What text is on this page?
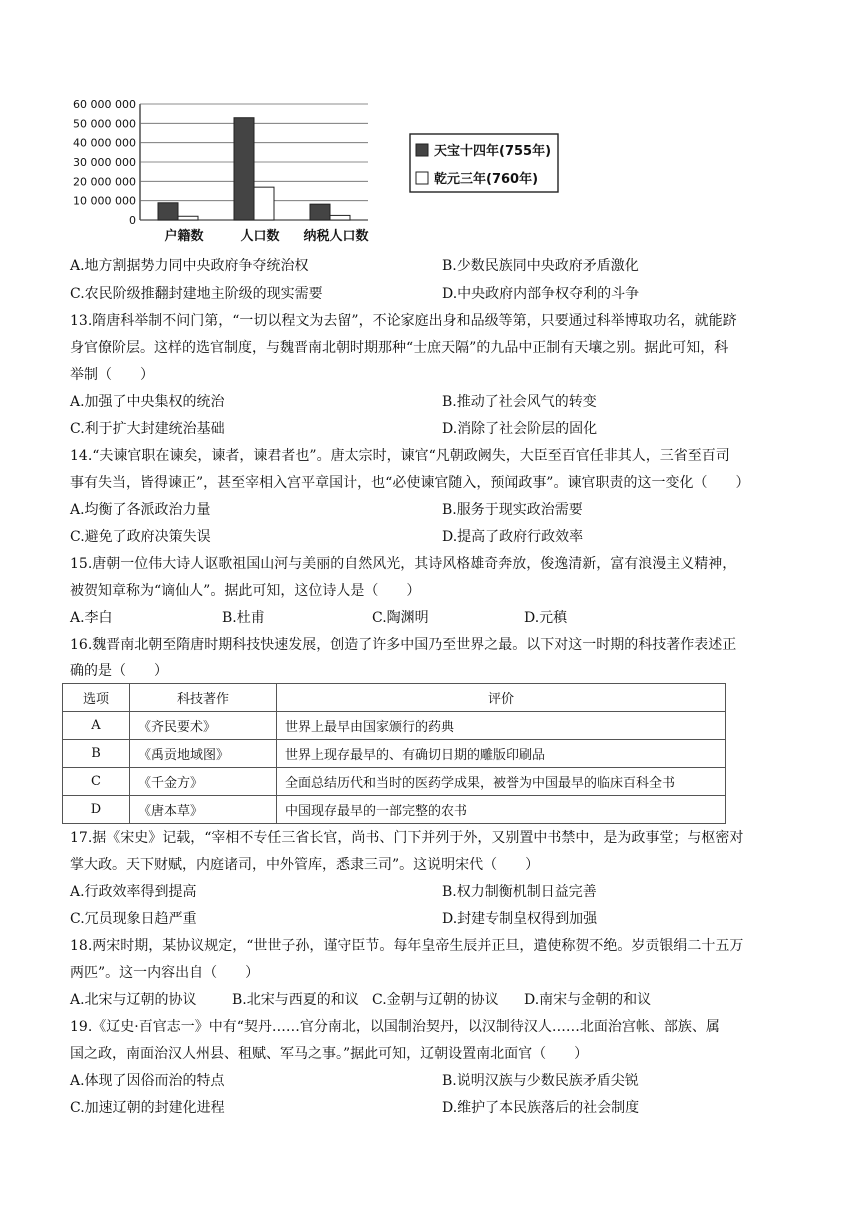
60 000 000
50 000 000
40 000 000
30 000 000
20 000 000
10 000 000
0
户籍数	人口数 纳税人口数
天宝十四年(755年)
乾元三年(760年)
A.地方割据势力同中央政府争夺统治权	B.少数民族同中央政府矛盾激化
C.农民阶级推翻封建地主阶级的现实需要	D.中央政府内部争权夺利的斗争
13.隋唐科举制不问门第，“一切以程文为去留”，不论家庭出身和品级等第，只要通过科举博取功名，就能跻
身官僚阶层。这样的选官制度，与魏晋南北朝时期那种“士庶天隔”的九品中正制有天壤之别。据此可知，科
举制（　　）
A.加强了中央集权的统治	B.推动了社会风气的转变
C.利于扩大封建统治基础	D.消除了社会阶层的固化
14.“夫谏官职在谏矣，谏者，谏君者也”。唐太宗时，谏官“凡朝政阙失，大臣至百官任非其人，三省至百司
事有失当，皆得谏正”，甚至宰相入宫平章国计，也“必使谏官随入，预闻政事”。谏官职责的这一变化（　　）
A.均衡了各派政治力量	B.服务于现实政治需要
C.避免了政府决策失误	D.提高了政府行政效率
15.唐朝一位伟大诗人讴歌祖国山河与美丽的自然风光，其诗风格雄奇奔放，俊逸清新，富有浪漫主义精神，
被贺知章称为“谪仙人”。据此可知，这位诗人是（　　）
A.李白	B.杜甫	C.陶渊明	D.元稹
16.魏晋南北朝至隋唐时期科技快速发展，创造了许多中国乃至世界之最。以下对这一时期的科技著作表述正
确的是（　　）
选项	科技著作	评价
A	《齐民要术》	世界上最早由国家颁行的药典
B	《禹贡地域图》	世界上现存最早的、有确切日期的雕版印刷品
C	《千金方》	全面总结历代和当时的医药学成果，被誉为中国最早的临床百科全书
D	《唐本草》	中国现存最早的一部完整的农书
17.据《宋史》记载，“宰相不专任三省长官，尚书、门下并列于外，又别置中书禁中，是为政事堂；与枢密对
掌大政。天下财赋，内庭诸司，中外管库，悉隶三司”。这说明宋代（　　）
A.行政效率得到提高	B.权力制衡机制日益完善
C.冗员现象日趋严重	D.封建专制皇权得到加强
18.两宋时期，某协议规定，“世世子孙，谨守臣节。每年皇帝生辰并正旦，遣使称贺不绝。岁贡银绢二十五万
两匹”。这一内容出自（　　）
A.北宋与辽朝的协议	B.北宋与西夏的和议 C.金朝与辽朝的协议 D.南宋与金朝的和议
19.《辽史·百官志一》中有“契丹……官分南北，以国制治契丹，以汉制待汉人……北面治宫帐、部族、属
国之政，南面治汉人州县、租赋、军马之事。”据此可知，辽朝设置南北面官（　　）
A.体现了因俗而治的特点	B.说明汉族与少数民族矛盾尖锐
C.加速辽朝的封建化进程	D.维护了本民族落后的社会制度
